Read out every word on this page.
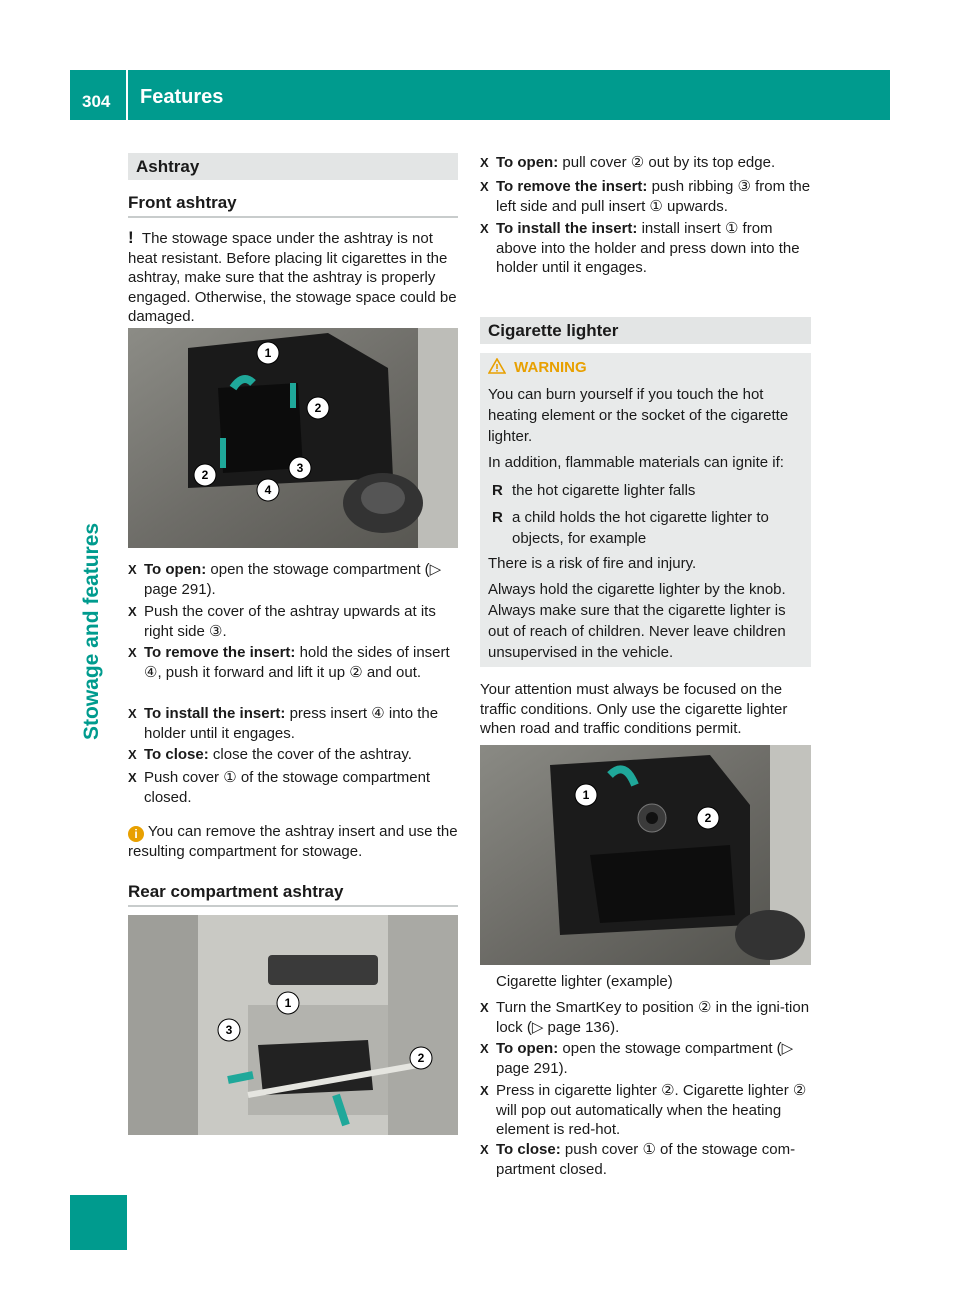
304 Features
Stowage and features
Ashtray
Front ashtray
! The stowage space under the ashtray is not heat resistant. Before placing lit cigarettes in the ashtray, make sure that the ashtray is properly engaged. Otherwise, the stowage space could be damaged.
1
2
2	3
4
X To open: open the stowage compartment (▷ page 291).
X Push the cover of the ashtray upwards at its right side ③.
X To remove the insert: hold the sides of insert ④, push it forward and lift it up ② and out.
X To install the insert: press insert ④ into the holder until it engages.
X To close: close the cover of the ashtray.
X Push cover ① of the stowage compartment closed.
i You can remove the ashtray insert and use the resulting compartment for stowage.
Rear compartment ashtray
1
2
3
X To open: pull cover ② out by its top edge.
X To remove the insert: push ribbing ③ from the left side and pull insert ① upwards.
X To install the insert: install insert ① from above into the holder and press down into the holder until it engages.
Cigarette lighter
WARNING
You can burn yourself if you touch the hot heating element or the socket of the cigarette lighter.
In addition, flammable materials can ignite if:
R the hot cigarette lighter falls
R a child holds the hot cigarette lighter to objects, for example
There is a risk of fire and injury.
Always hold the cigarette lighter by the knob. Always make sure that the cigarette lighter is out of reach of children. Never leave children unsupervised in the vehicle.
Your attention must always be focused on the traffic conditions. Only use the cigarette lighter when road and traffic conditions permit.
1
2
Cigarette lighter (example)
X Turn the SmartKey to position ② in the igni-tion lock (▷ page 136).
X To open: open the stowage compartment (▷ page 291).
X Press in cigarette lighter ②. Cigarette lighter ② will pop out automatically when the heating element is red-hot.
X To close: push cover ① of the stowage com-partment closed.
